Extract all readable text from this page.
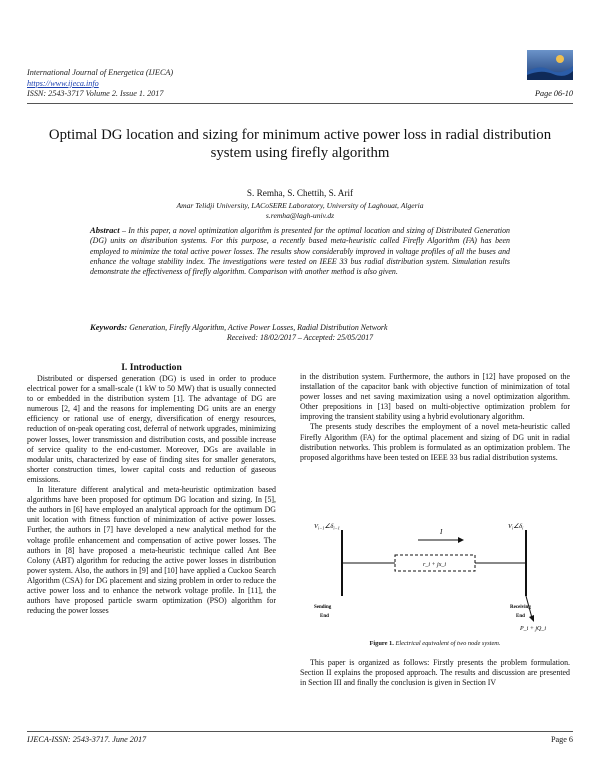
International Journal of Energetica (IJECA)
https://www.ijeca.info
ISSN: 2543-3717 Volume 2. Issue 1. 2017	Page 06-10
Optimal DG location and sizing for minimum active power loss in radial distribution system using firefly algorithm
S. Remha, S. Chettih, S. Arif
Amar Telidji University, LACoSERE Laboratory, University of Laghouat, Algeria
s.remha@lagh-univ.dz
Abstract – In this paper, a novel optimization algorithm is presented for the optimal location and sizing of Distributed Generation (DG) units on distribution systems. For this purpose, a recently based meta-heuristic called Firefly Algorithm (FA) has been employed to minimize the total active power losses. The results show considerably improved in voltage profiles of all the buses and enhance the voltage stability index. The investigations were tested on IEEE 33 bus radial distribution system. Simulation results demonstrate the effectiveness of firefly algorithm. Comparison with another method is also given.
Keywords: Generation, Firefly Algorithm, Active Power Losses, Radial Distribution Network
Received: 18/02/2017 – Accepted: 25/05/2017
I. Introduction

Distributed or dispersed generation (DG) is used in order to produce electrical power for a small-scale (1 kW to 50 MW) that is usually connected to or embedded in the distribution system [1]. The advantage of DG are numerous [2, 4] and the reasons for implementing DG units are an energy efficiency or rational use of energy, diversification of energy resources, reduction of on-peak operating cost, deferral of network upgrades, minimizing power losses, lower transmission and distribution costs, and possible increase of service quality to the end-customer. Moreover, DGs are available in modular units, characterized by ease of finding sites for smaller generators, shorter construction times, lower capital costs and reduction of gaseous emissions.

In literature different analytical and meta-heuristic optimization based algorithms have been proposed for optimum DG location and sizing. In [5], the authors in [6] have employed an analytical approach for the optimum DG unit location with fitness function of minimization of active power losses. Further, the authors in [7] have developed a new analytical method for the voltage profile enhancement and compensation of active power losses. The authors in [8] have proposed a meta-heuristic technique called Ant Bee Colony (ABT) algorithm for reducing the active power losses in distribution power system. Also, the authors in [9] and [10] have applied a Cuckoo Search Algorithm (CSA) for DG placement and sizing problem in order to reduce the active power loss and to enhance the network voltage profile. In [11], the authors have proposed particle swarm optimization (PSO) algorithm for reducing the power losses

in the distribution system. Furthermore, the authors in [12] have proposed on the installation of the capacitor bank with objective function of minimization of total power losses and net saving maximization using a novel optimization algorithm. Other prepositions in [13] based on multi-objective optimization problem for improving the transient stability using a hybrid evolutionary algorithm.

The presents study describes the employment of a novel meta-heuristic called Firefly Algorithm (FA) for the optimal placement and sizing of DG unit in radial distribution networks. This problem is formulated as an optimization problem. The proposed algorithms have been tested on IEEE 33 bus radial distribution systems.

I
$V_{i-1}\angle\delta_{i-1}$	$V_i\angle\delta_i$
r_i + jx_i
Sending
End
Receiving
End
P_i + jQ_i
Figure 1. Electrical equivalent of two node system.

This paper is organized as follows: Firstly presents the problem formulation. Section II explains the proposed approach. The results and discussion are presented in Section III and finally the conclusion is given in Section IV

IJECA-ISSN: 2543-3717. June 2017	Page 6
